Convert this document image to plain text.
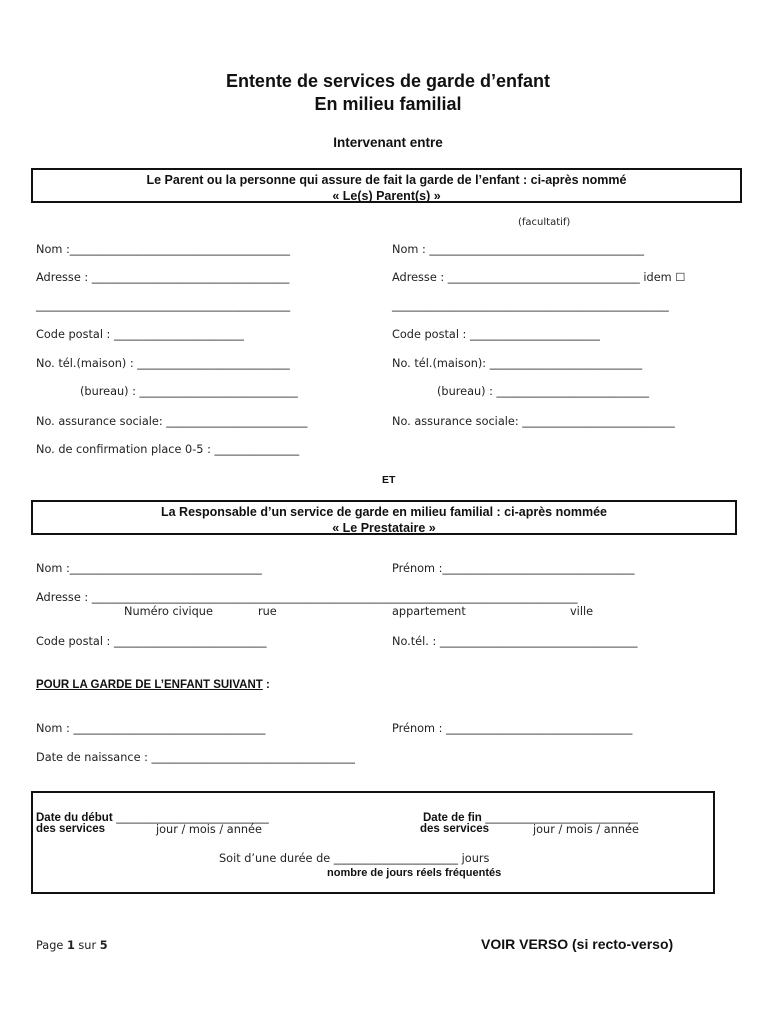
Entente de services de garde d’enfant
En milieu familial
Intervenant entre
Le Parent ou la personne qui assure de fait la garde de l’enfant : ci-après nommé
« Le(s) Parent(s) »
(facultatif)
Nom :_______________________________________	Nom : ______________________________________
Adresse : ___________________________________	Adresse : __________________________________ idem ☐
_____________________________________________	_________________________________________________
Code postal : _______________________	Code postal : _______________________
No. tél.(maison) : ___________________________	No. tél.(maison): ___________________________
(bureau) : ____________________________	(bureau) : ___________________________
No. assurance sociale: _________________________	No. assurance sociale: ___________________________
No. de confirmation place 0-5 : _______________
ET
La Responsable d’un service de garde en milieu familial : ci-après nommée
« Le Prestataire »
Nom :__________________________________	Prénom :__________________________________
Adresse : ______________________________________________________________________________________
Numéro civique	rue	appartement	ville
Code postal : ___________________________	No.tél. : ___________________________________
POUR LA GARDE DE L’ENFANT SUIVANT :
Nom : __________________________________	Prénom : _________________________________
Date de naissance : ____________________________________
Date du début ___________________________
des services	jour / mois / année
Date de fin ___________________________
des services	jour / mois / année
Soit d’une durée de ______________________ jours
nombre de jours réels fréquentés
Page 1 sur 5	VOIR VERSO (si recto-verso)
